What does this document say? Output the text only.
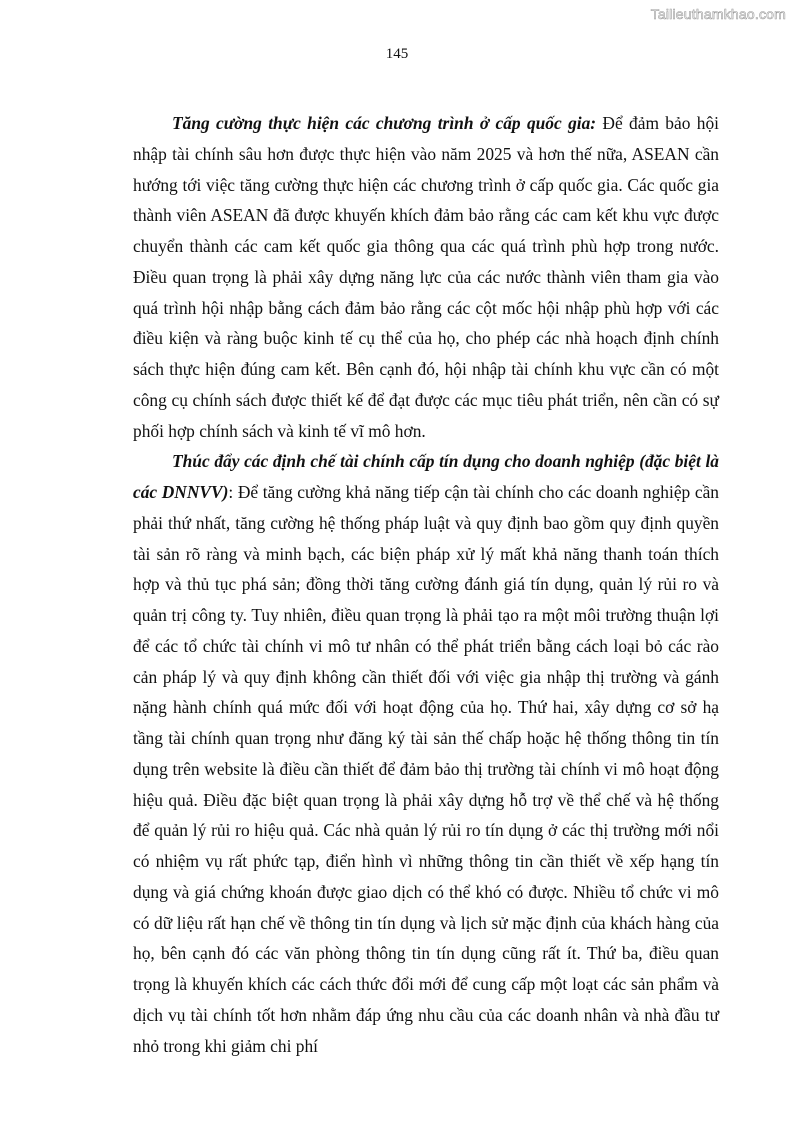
Tailieuthamkhao.com
145

Tăng cường thực hiện các chương trình ở cấp quốc gia: Để đảm bảo hội nhập tài chính sâu hơn được thực hiện vào năm 2025 và hơn thế nữa, ASEAN cần hướng tới việc tăng cường thực hiện các chương trình ở cấp quốc gia. Các quốc gia thành viên ASEAN đã được khuyến khích đảm bảo rằng các cam kết khu vực được chuyển thành các cam kết quốc gia thông qua các quá trình phù hợp trong nước. Điều quan trọng là phải xây dựng năng lực của các nước thành viên tham gia vào quá trình hội nhập bằng cách đảm bảo rằng các cột mốc hội nhập phù hợp với các điều kiện và ràng buộc kinh tế cụ thể của họ, cho phép các nhà hoạch định chính sách thực hiện đúng cam kết. Bên cạnh đó, hội nhập tài chính khu vực cần có một công cụ chính sách được thiết kế để đạt được các mục tiêu phát triển, nên cần có sự phối hợp chính sách và kinh tế vĩ mô hơn.

Thúc đẩy các định chế tài chính cấp tín dụng cho doanh nghiệp (đặc biệt là các DNNVV): Để tăng cường khả năng tiếp cận tài chính cho các doanh nghiệp cần phải thứ nhất, tăng cường hệ thống pháp luật và quy định bao gồm quy định quyền tài sản rõ ràng và minh bạch, các biện pháp xử lý mất khả năng thanh toán thích hợp và thủ tục phá sản; đồng thời tăng cường đánh giá tín dụng, quản lý rủi ro và quản trị công ty. Tuy nhiên, điều quan trọng là phải tạo ra một môi trường thuận lợi để các tổ chức tài chính vi mô tư nhân có thể phát triển bằng cách loại bỏ các rào cản pháp lý và quy định không cần thiết đối với việc gia nhập thị trường và gánh nặng hành chính quá mức đối với hoạt động của họ. Thứ hai, xây dựng cơ sở hạ tầng tài chính quan trọng như đăng ký tài sản thế chấp hoặc hệ thống thông tin tín dụng trên website là điều cần thiết để đảm bảo thị trường tài chính vi mô hoạt động hiệu quả. Điều đặc biệt quan trọng là phải xây dựng hỗ trợ về thể chế và hệ thống để quản lý rủi ro hiệu quả. Các nhà quản lý rủi ro tín dụng ở các thị trường mới nổi có nhiệm vụ rất phức tạp, điển hình vì những thông tin cần thiết về xếp hạng tín dụng và giá chứng khoán được giao dịch có thể khó có được. Nhiều tổ chức vi mô có dữ liệu rất hạn chế về thông tin tín dụng và lịch sử mặc định của khách hàng của họ, bên cạnh đó các văn phòng thông tin tín dụng cũng rất ít. Thứ ba, điều quan trọng là khuyến khích các cách thức đổi mới để cung cấp một loạt các sản phẩm và dịch vụ tài chính tốt hơn nhằm đáp ứng nhu cầu của các doanh nhân và nhà đầu tư nhỏ trong khi giảm chi phí
